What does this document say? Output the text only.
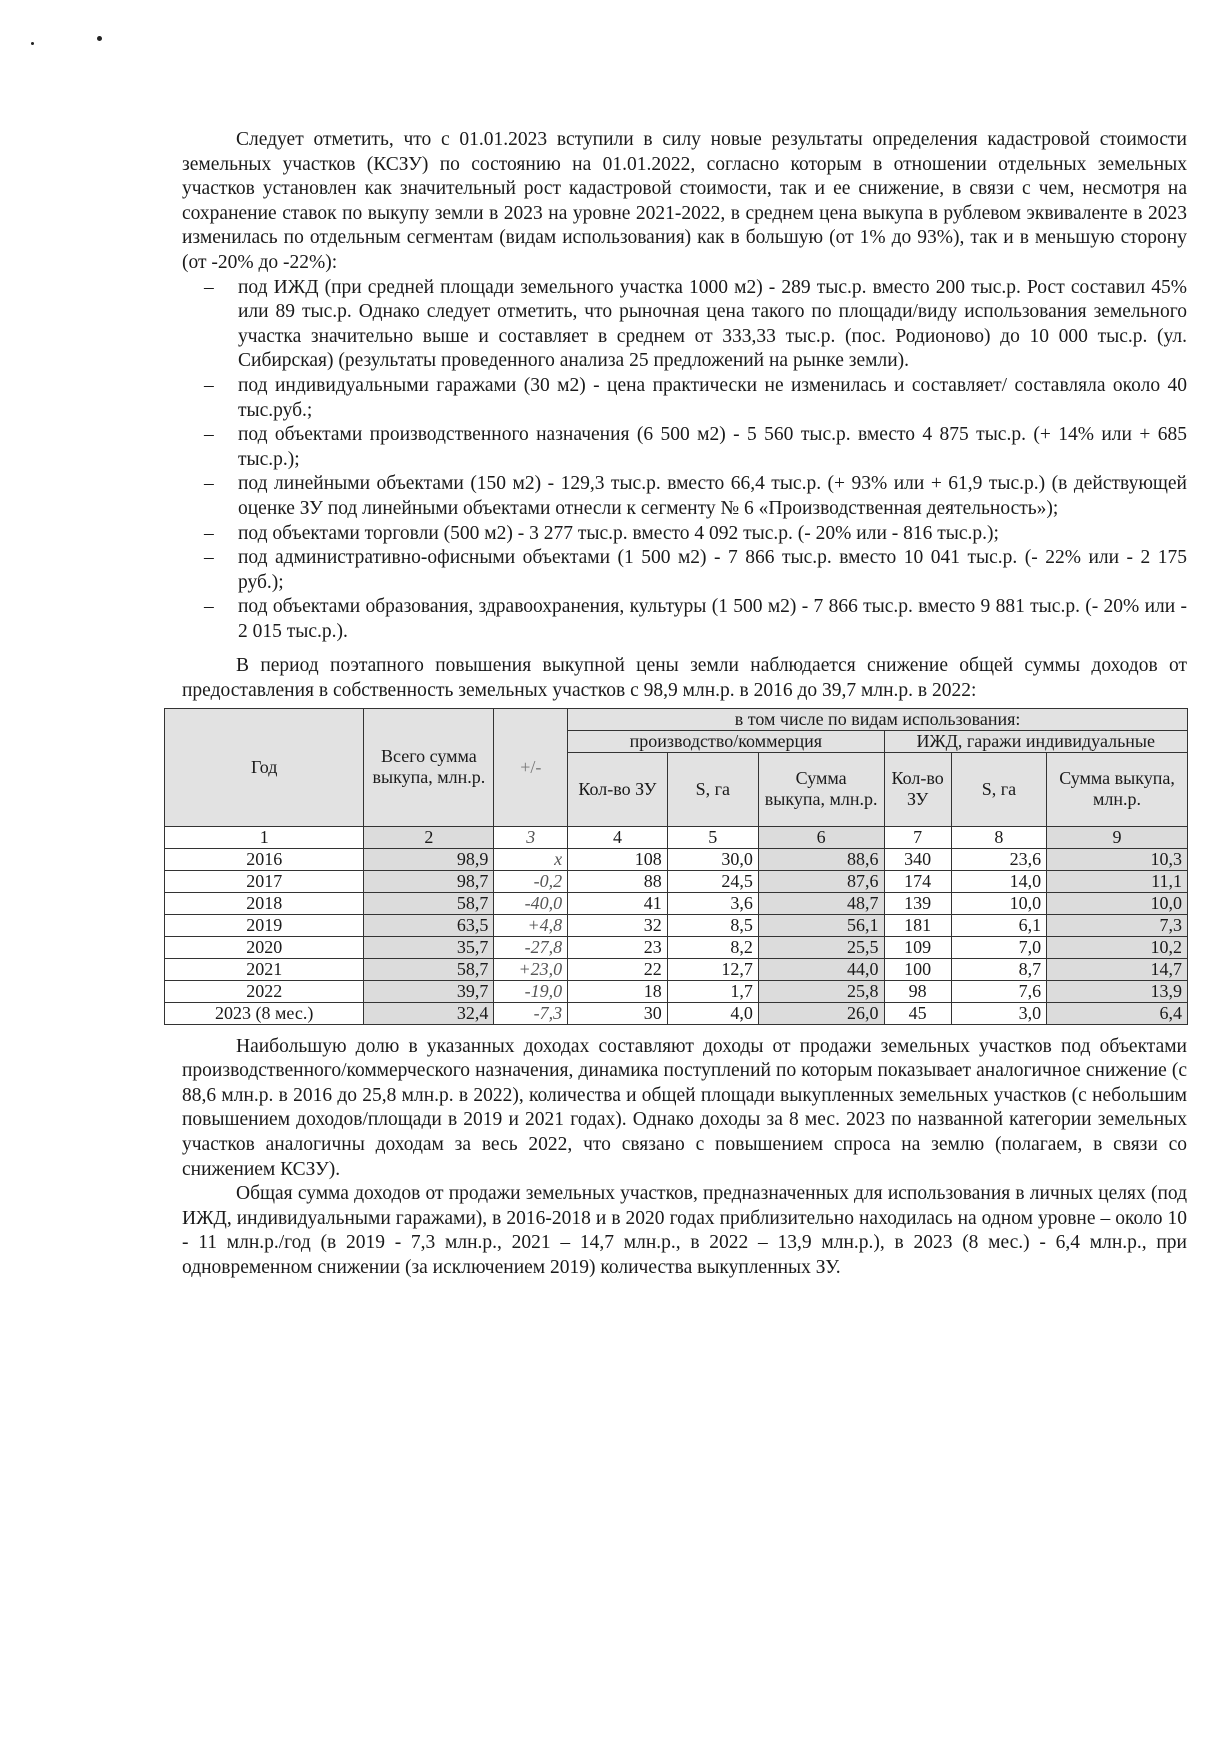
Следует отметить, что с 01.01.2023 вступили в силу новые результаты определения кадастровой стоимости земельных участков (КСЗУ) по состоянию на 01.01.2022, согласно которым в отношении отдельных земельных участков установлен как значительный рост кадастровой стоимости, так и ее снижение, в связи с чем, несмотря на сохранение ставок по выкупу земли в 2023 на уровне 2021-2022, в среднем цена выкупа в рублевом эквиваленте в 2023 изменилась по отдельным сегментам (видам использования) как в большую (от 1% до 93%), так и в меньшую сторону (от -20% до -22%):

– под ИЖД (при средней площади земельного участка 1000 м2) - 289 тыс.р. вместо 200 тыс.р. Рост составил 45% или 89 тыс.р. Однако следует отметить, что рыночная цена такого по площади/виду использования земельного участка значительно выше и составляет в среднем от 333,33 тыс.р. (пос. Родионово) до 10 000 тыс.р. (ул. Сибирская) (результаты проведенного анализа 25 предложений на рынке земли).
– под индивидуальными гаражами (30 м2) - цена практически не изменилась и составляет/ составляла около 40 тыс.руб.;
– под объектами производственного назначения (6 500 м2) - 5 560 тыс.р. вместо 4 875 тыс.р. (+ 14% или + 685 тыс.р.);
– под линейными объектами (150 м2) - 129,3 тыс.р. вместо 66,4 тыс.р. (+ 93% или + 61,9 тыс.р.) (в действующей оценке ЗУ под линейными объектами отнесли к сегменту № 6 «Производственная деятельность»);
– под объектами торговли (500 м2) - 3 277 тыс.р. вместо 4 092 тыс.р. (- 20% или - 816 тыс.р.);
– под административно-офисными объектами (1 500 м2) - 7 866 тыс.р. вместо 10 041 тыс.р. (- 22% или - 2 175 руб.);
– под объектами образования, здравоохранения, культуры (1 500 м2) - 7 866 тыс.р. вместо 9 881 тыс.р. (- 20% или - 2 015 тыс.р.).

В период поэтапного повышения выкупной цены земли наблюдается снижение общей суммы доходов от предоставления в собственность земельных участков с 98,9 млн.р. в 2016 до 39,7 млн.р. в 2022:

Год	Всего сумма выкупа, млн.р.	+/-	в том числе по видам использования:					
			производство/коммерция			ИЖД, гаражи индивидуальные		
			Кол-во ЗУ	S, га	Сумма выкупа, млн.р.	Кол-во ЗУ	S, га	Сумма выкупа, млн.р.
1	2	3	4	5	6	7	8	9
2016	98,9	x	108	30,0	88,6	340	23,6	10,3
2017	98,7	-0,2	88	24,5	87,6	174	14,0	11,1
2018	58,7	-40,0	41	3,6	48,7	139	10,0	10,0
2019	63,5	+4,8	32	8,5	56,1	181	6,1	7,3
2020	35,7	-27,8	23	8,2	25,5	109	7,0	10,2
2021	58,7	+23,0	22	12,7	44,0	100	8,7	14,7
2022	39,7	-19,0	18	1,7	25,8	98	7,6	13,9
2023 (8 мес.)	32,4	-7,3	30	4,0	26,0	45	3,0	6,4

Наибольшую долю в указанных доходах составляют доходы от продажи земельных участков под объектами производственного/коммерческого назначения, динамика поступлений по которым показывает аналогичное снижение (с 88,6 млн.р. в 2016 до 25,8 млн.р. в 2022), количества и общей площади выкупленных земельных участков (с небольшим повышением доходов/площади в 2019 и 2021 годах). Однако доходы за 8 мес. 2023 по названной категории земельных участков аналогичны доходам за весь 2022, что связано с повышением спроса на землю (полагаем, в связи со снижением КСЗУ).

Общая сумма доходов от продажи земельных участков, предназначенных для использования в личных целях (под ИЖД, индивидуальными гаражами), в 2016-2018 и в 2020 годах приблизительно находилась на одном уровне – около 10 - 11 млн.р./год (в 2019 - 7,3 млн.р., 2021 – 14,7 млн.р., в 2022 – 13,9 млн.р.), в 2023 (8 мес.) - 6,4 млн.р., при одновременном снижении (за исключением 2019) количества выкупленных ЗУ.
